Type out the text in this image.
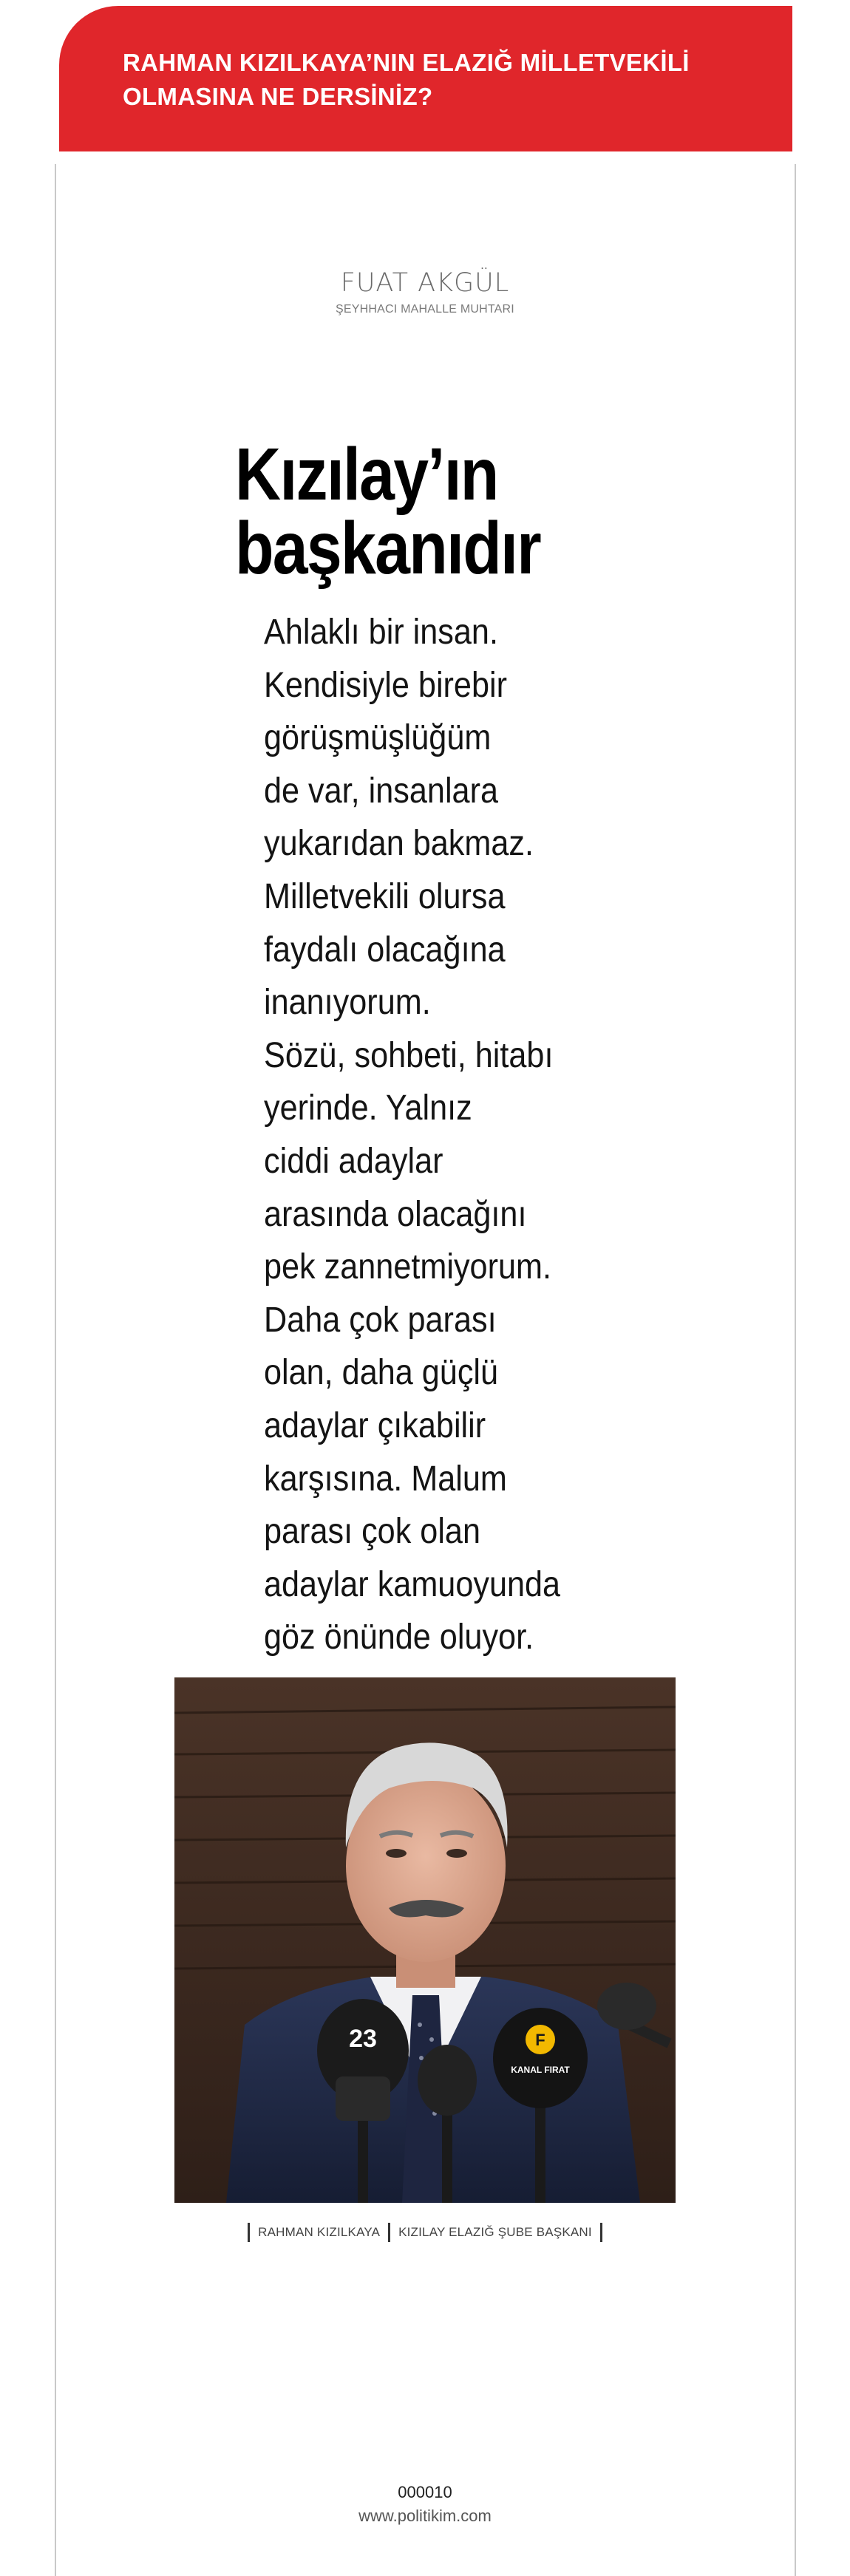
RAHMAN KIZILKAYA’NIN ELAZIĞ MİLLETVEKİLİ OLMASINA NE DERSİNİZ?

FUAT AKGÜL
ŞEYHHACI MAHALLE MUHTARI
Kızılay’ın
başkanıdır

Ahlaklı bir insan.
Kendisiyle birebir
görüşmüşlüğüm
de var, insanlara
yukarıdan bakmaz.
Milletvekili olursa
faydalı olacağına
inanıyorum.
Sözü, sohbeti, hitabı
yerinde. Yalnız
ciddi adaylar
arasında olacağını
pek zannetmiyorum.
Daha çok parası
olan, daha güçlü
adaylar çıkabilir
karşısına. Malum
parası çok olan
adaylar kamuoyunda
göz önünde oluyor.

23	F
KANAL FIRAT
RAHMAN KIZILKAYA KIZILAY ELAZIĞ ŞUBE BAŞKANI
000010
www.politikim.com
